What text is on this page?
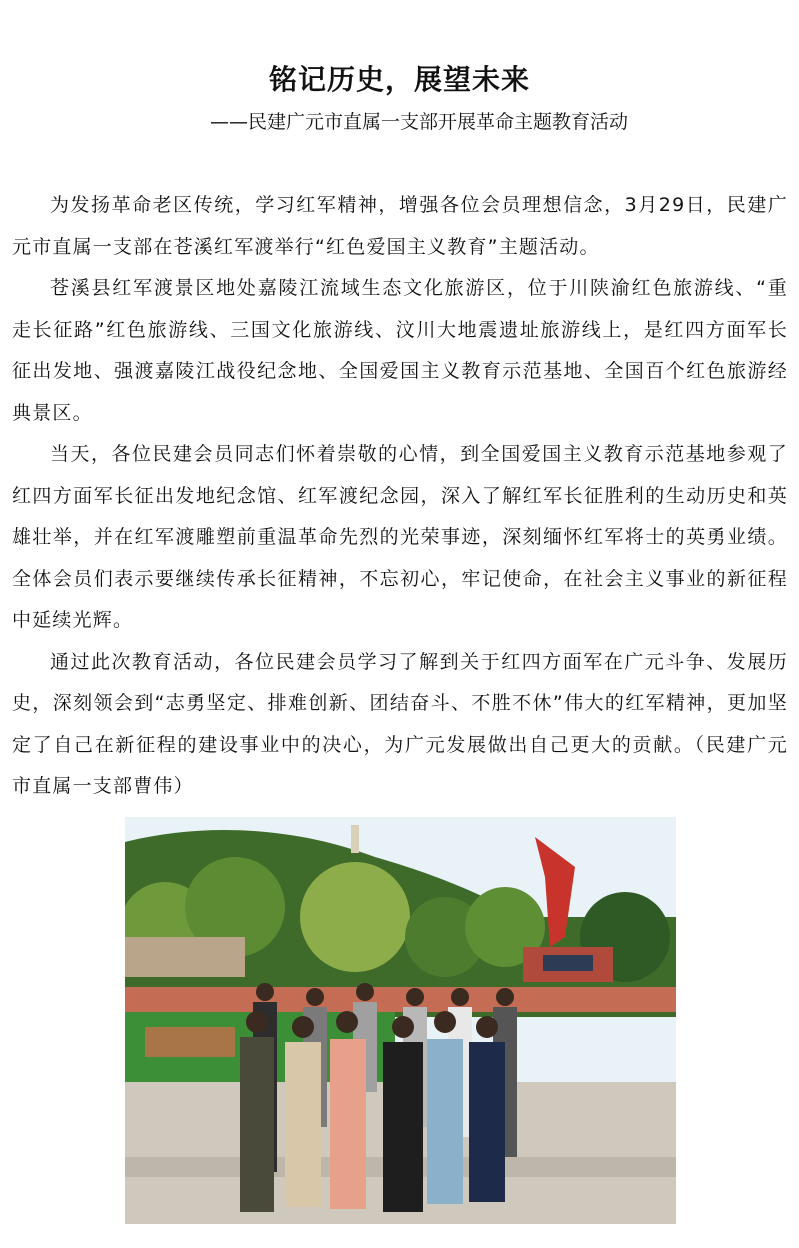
铭记历史，展望未来
——民建广元市直属一支部开展革命主题教育活动

为发扬革命老区传统，学习红军精神，增强各位会员理想信念，3月29日，民建广元市直属一支部在苍溪红军渡举行“红色爱国主义教育”主题活动。

苍溪县红军渡景区地处嘉陵江流域生态文化旅游区，位于川陕渝红色旅游线、“重走长征路”红色旅游线、三国文化旅游线、汶川大地震遗址旅游线上，是红四方面军长征出发地、强渡嘉陵江战役纪念地、全国爱国主义教育示范基地、全国百个红色旅游经典景区。

当天，各位民建会员同志们怀着崇敬的心情，到全国爱国主义教育示范基地参观了红四方面军长征出发地纪念馆、红军渡纪念园，深入了解红军长征胜利的生动历史和英雄壮举，并在红军渡雕塑前重温革命先烈的光荣事迹，深刻缅怀红军将士的英勇业绩。全体会员们表示要继续传承长征精神，不忘初心，牢记使命，在社会主义事业的新征程中延续光辉。

通过此次教育活动，各位民建会员学习了解到关于红四方面军在广元斗争、发展历史，深刻领会到“志勇坚定、排难创新、团结奋斗、不胜不休”伟大的红军精神，更加坚定了自己在新征程的建设事业中的决心，为广元发展做出自己更大的贡献。（民建广元市直属一支部曹伟）
